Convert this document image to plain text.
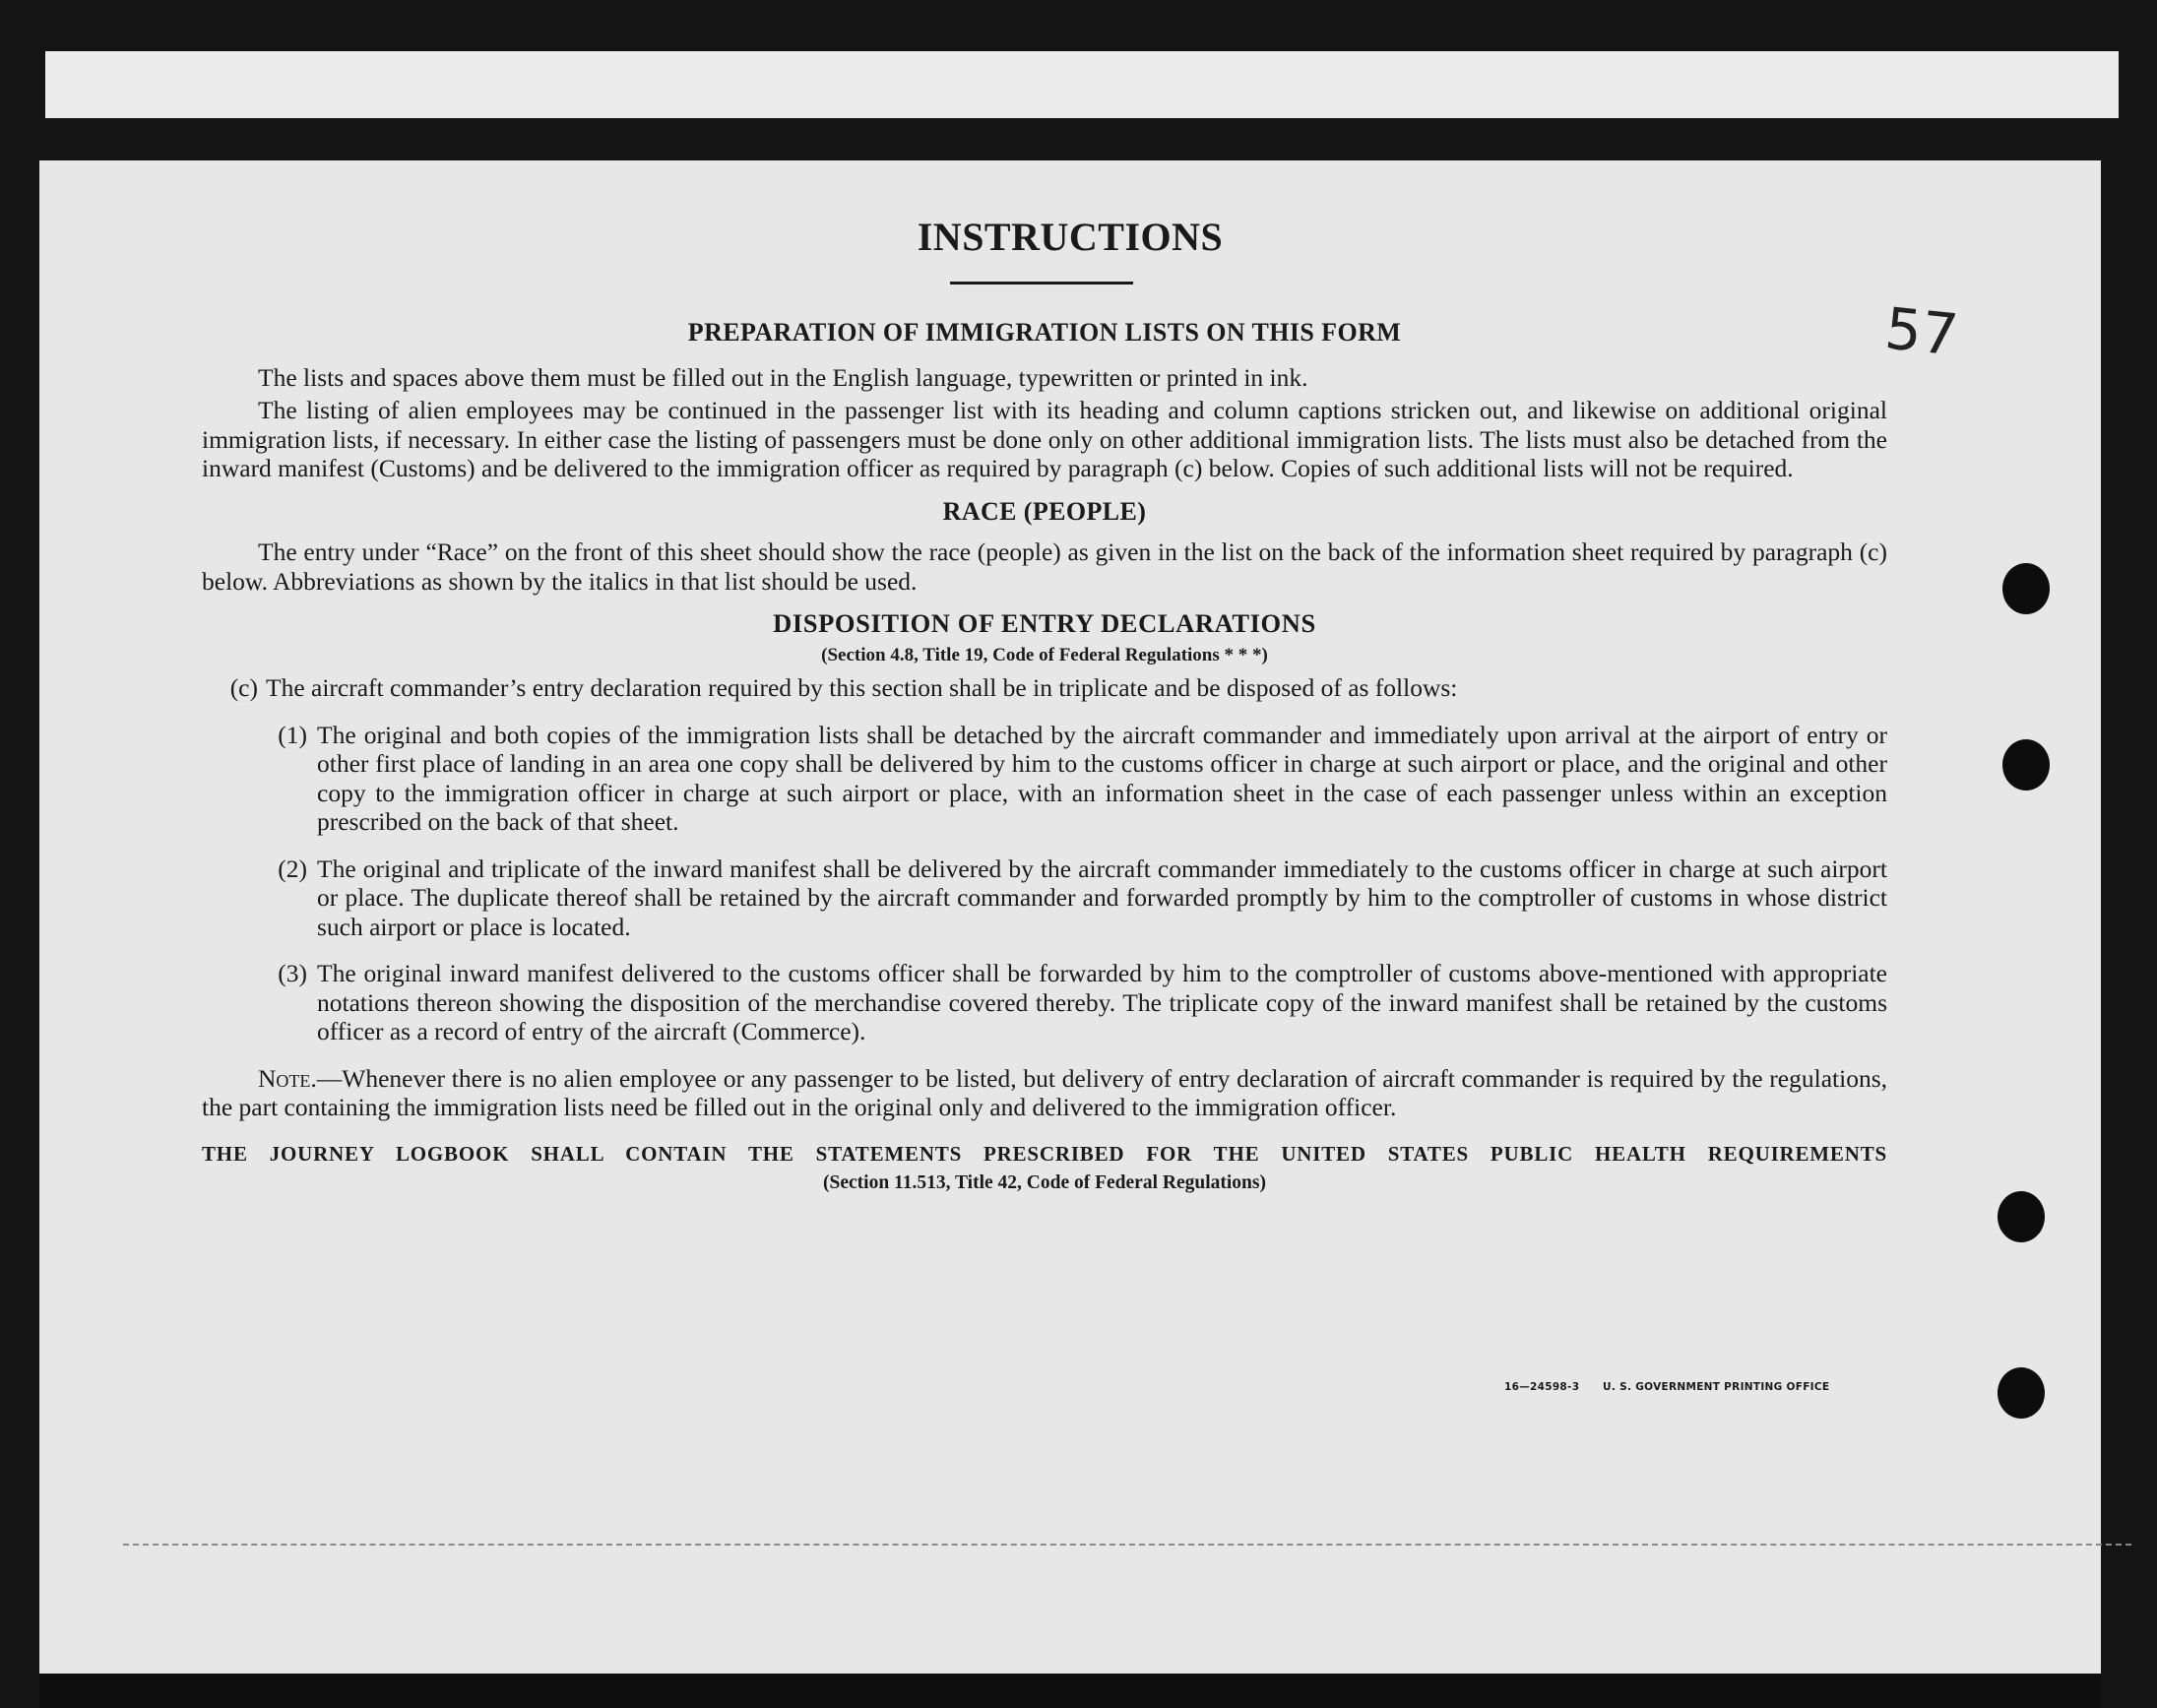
INSTRUCTIONS
57

PREPARATION OF IMMIGRATION LISTS ON THIS FORM

The lists and spaces above them must be filled out in the English language, typewritten or printed in ink.

The listing of alien employees may be continued in the passenger list with its heading and column captions stricken out, and likewise on additional original immigration lists, if necessary. In either case the listing of passengers must be done only on other additional immigration lists. The lists must also be detached from the inward manifest (Customs) and be delivered to the immigration officer as required by paragraph (c) below. Copies of such additional lists will not be required.

RACE (PEOPLE)

The entry under “Race” on the front of this sheet should show the race (people) as given in the list on the back of the information sheet required by paragraph (c) below. Abbreviations as shown by the italics in that list should be used.

DISPOSITION OF ENTRY DECLARATIONS

(Section 4.8, Title 19, Code of Federal Regulations * * *)

(c) The aircraft commander’s entry declaration required by this section shall be in triplicate and be disposed of as follows:
(1) The original and both copies of the immigration lists shall be detached by the aircraft commander and immediately upon arrival at the airport of entry or other first place of landing in an area one copy shall be delivered by him to the customs officer in charge at such airport or place, and the original and other copy to the immigration officer in charge at such airport or place, with an information sheet in the case of each passenger unless within an exception prescribed on the back of that sheet.
(2) The original and triplicate of the inward manifest shall be delivered by the aircraft commander immediately to the customs officer in charge at such airport or place. The duplicate thereof shall be retained by the aircraft commander and forwarded promptly by him to the comptroller of customs in whose district such airport or place is located.
(3) The original inward manifest delivered to the customs officer shall be forwarded by him to the comptroller of customs above-mentioned with appropriate notations thereon showing the disposition of the merchandise covered thereby. The triplicate copy of the inward manifest shall be retained by the customs officer as a record of entry of the aircraft (Commerce).

Note.—Whenever there is no alien employee or any passenger to be listed, but delivery of entry declaration of aircraft commander is required by the regulations, the part containing the immigration lists need be filled out in the original only and delivered to the immigration officer.

THE JOURNEY LOGBOOK SHALL CONTAIN THE STATEMENTS PRESCRIBED FOR THE UNITED STATES PUBLIC HEALTH REQUIREMENTS

(Section 11.513, Title 42, Code of Federal Regulations)

16—24598-3 U. S. GOVERNMENT PRINTING OFFICE
